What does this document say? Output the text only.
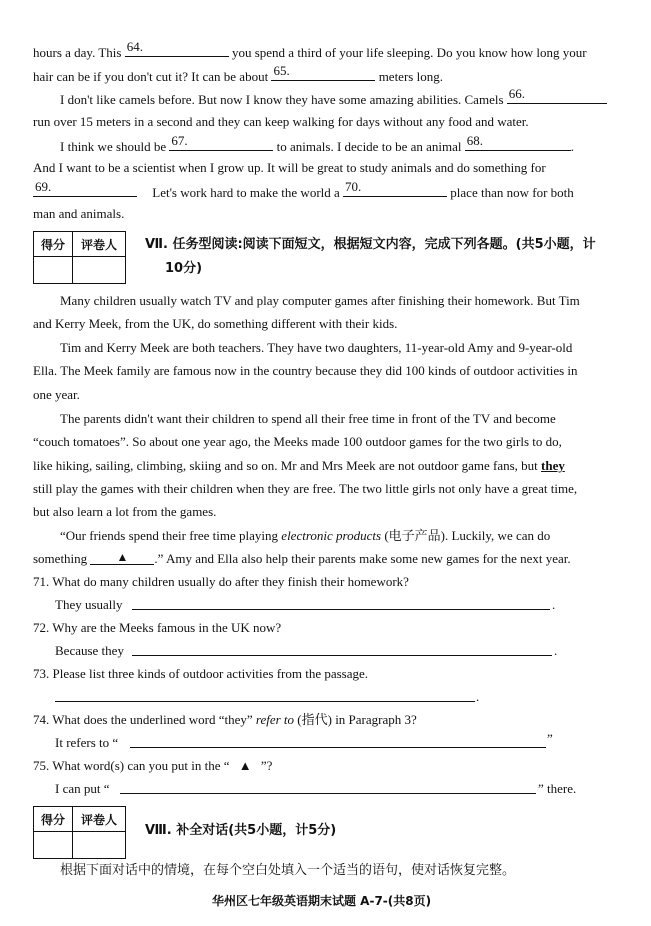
hours a day. This 64.	you spend a third of your life sleeping. Do you know how long your
hair can be if you don't cut it? It can be about 65.	meters long.
I don't like camels before. But now I know they have some amazing abilities. Camels 66.
run over 15 meters in a second and they can keep walking for days without any food and water.
I think we should be 67.	to animals. I decide to be an animal 68.	.
And I want to be a scientist when I grow up. It will be great to study animals and do something for
69.	Let's work hard to make the world a 70.	place than now for both
man and animals.
得分	评卷人
	Ⅶ. 任务型阅读:阅读下面短文，根据短文内容，完成下列各题。(共5小题，计
10分)
Many children usually watch TV and play computer games after finishing their homework. But Tim
and Kerry Meek, from the UK, do something different with their kids.
Tim and Kerry Meek are both teachers. They have two daughters, 11-year-old Amy and 9-year-old
Ella. The Meek family are famous now in the country because they did 100 kinds of outdoor activities in
one year.
The parents didn't want their children to spend all their free time in front of the TV and become
“couch tomatoes”. So about one year ago, the Meeks made 100 outdoor games for the two girls to do,
like hiking, sailing, climbing, skiing and so on. Mr and Mrs Meek are not outdoor game fans, but they
still play the games with their children when they are free. The two little girls not only have a great time,
but also learn a lot from the games.
“Our friends spend their free time playing electronic products (电子产品). Luckily, we can do
something ▲ .” Amy and Ella also help their parents make some new games for the next year.
71. What do many children usually do after they finish their homework?
They usually	.
72. Why are the Meeks famous in the UK now?
Because they	.
73. Please list three kinds of outdoor activities from the passage.
.
74. What does the underlined word “they” refer to (指代) in Paragraph 3?
It refers to “	”
75. What word(s) can you put in the “ ▲ ”?
I can put “	” there.
得分	评卷人

Ⅷ. 补全对话(共5小题，计5分)
根据下面对话中的情境，在每个空白处填入一个适当的语句，使对话恢复完整。
华州区七年级英语期末试题 A-7-(共8页)
